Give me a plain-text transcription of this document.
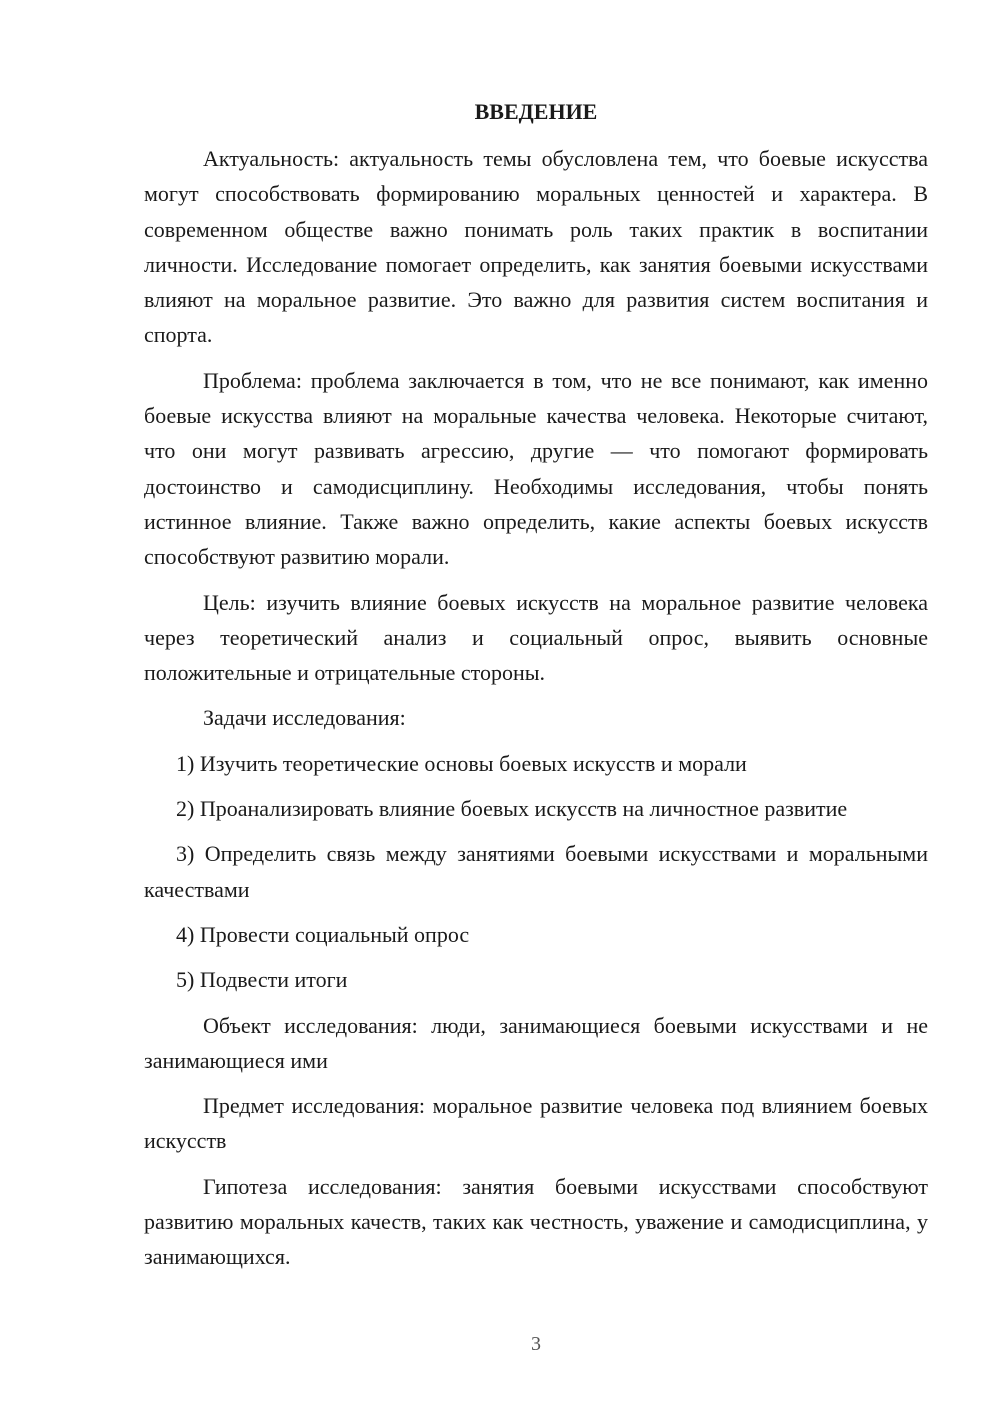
ВВЕДЕНИЕ

Актуальность: актуальность темы обусловлена тем, что боевые искусства могут способствовать формированию моральных ценностей и характера. В современном обществе важно понимать роль таких практик в воспитании личности. Исследование помогает определить, как занятия боевыми искусствами влияют на моральное развитие. Это важно для развития систем воспитания и спорта.

Проблема: проблема заключается в том, что не все понимают, как именно боевые искусства влияют на моральные качества человека. Некоторые считают, что они могут развивать агрессию, другие — что помогают формировать достоинство и самодисциплину. Необходимы исследования, чтобы понять истинное влияние. Также важно определить, какие аспекты боевых искусств способствуют развитию морали.

Цель: изучить влияние боевых искусств на моральное развитие человека через теоретический анализ и социальный опрос, выявить основные положительные и отрицательные стороны.

Задачи исследования:

1) Изучить теоретические основы боевых искусств и морали

2) Проанализировать влияние боевых искусств на личностное развитие

3) Определить связь между занятиями боевыми искусствами и моральными качествами

4) Провести социальный опрос

5) Подвести итоги

Объект исследования: люди, занимающиеся боевыми искусствами и не занимающиеся ими

Предмет исследования: моральное развитие человека под влиянием боевых искусств

Гипотеза исследования: занятия боевыми искусствами способствуют развитию моральных качеств, таких как честность, уважение и самодисциплина, у занимающихся.

3
